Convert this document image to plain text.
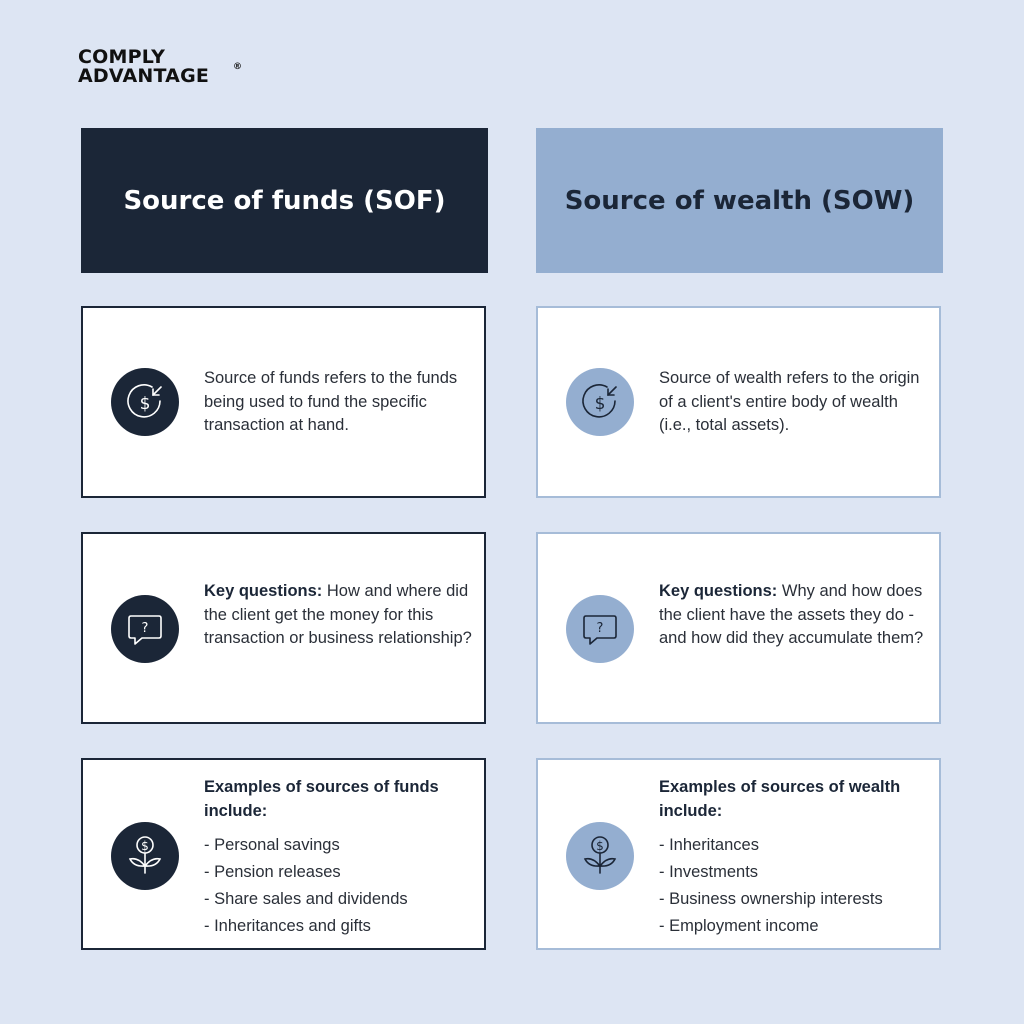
COMPLY
ADVANTAGE	®
Source of funds (SOF)
$
Source of funds refers to the funds being used to fund the specific transaction at hand.
?
Key questions: How and where did the client get the money for this transaction or business relationship?
$
Examples of sources of funds include:
- Personal savings
- Pension releases
- Share sales and dividends
- Inheritances and gifts
Source of wealth (SOW)
$
Source of wealth refers to the origin of a client's entire body of wealth (i.e., total assets).
?
Key questions: Why and how does the client have the assets they do - and how did they accumulate them?
$
Examples of sources of wealth include:
- Inheritances
- Investments
- Business ownership interests
- Employment income
